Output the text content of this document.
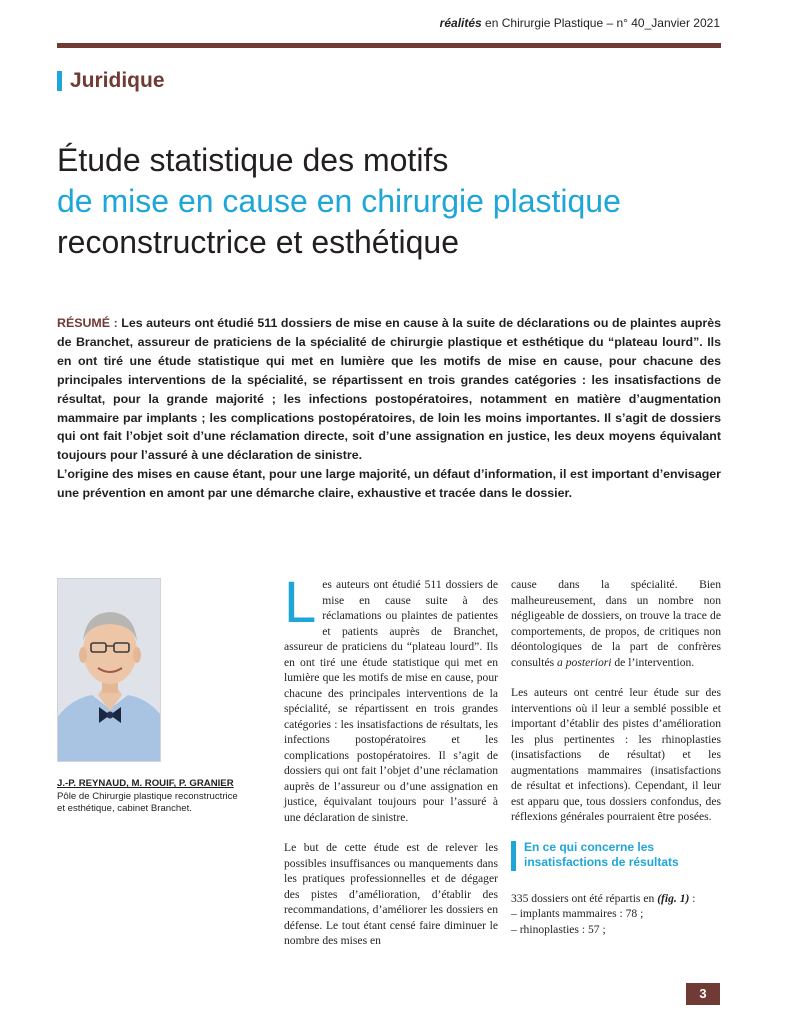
réalités en Chirurgie Plastique – n° 40_Janvier 2021
Juridique
Étude statistique des motifs
de mise en cause en chirurgie plastique
reconstructrice et esthétique

RÉSUMÉ : Les auteurs ont étudié 511 dossiers de mise en cause à la suite de déclarations ou de plaintes auprès de Branchet, assureur de praticiens de la spécialité de chirurgie plastique et esthétique du “plateau lourd”. Ils en ont tiré une étude statistique qui met en lumière que les motifs de mise en cause, pour chacune des principales interventions de la spécialité, se répartissent en trois grandes catégories : les insatisfactions de résultat, pour la grande majorité ; les infections postopératoires, notamment en matière d’augmentation mammaire par implants ; les complications postopératoires, de loin les moins importantes. Il s’agit de dossiers qui ont fait l’objet soit d’une réclamation directe, soit d’une assignation en justice, les deux moyens équivalant toujours pour l’assuré à une déclaration de sinistre.

L’origine des mises en cause étant, pour une large majorité, un défaut d’information, il est important d’envisager une prévention en amont par une démarche claire, exhaustive et tracée dans le dossier.

J.-P. REYNAUD, M. ROUIF, P. GRANIER
Pôle de Chirurgie plastique reconstructrice
et esthétique, cabinet Branchet.

Les auteurs ont étudié 511 dossiers de mise en cause suite à des réclamations ou plaintes de patientes et patients auprès de Branchet, assureur de praticiens du “plateau lourd”. Ils en ont tiré une étude statistique qui met en lumière que les motifs de mise en cause, pour chacune des principales interventions de la spécialité, se répartissent en trois grandes catégories : les insatisfactions de résultats, les infections postopératoires et les complications postopératoires. Il s’agit de dossiers qui ont fait l’objet d’une réclamation auprès de l’assureur ou d’une assignation en justice, équivalant toujours pour l’assuré à une déclaration de sinistre.

Le but de cette étude est de relever les possibles insuffisances ou manquements dans les pratiques professionnelles et de dégager des pistes d’amélioration, d’établir des recommandations, d’améliorer les dossiers en défense. Le tout étant censé faire diminuer le nombre des mises en

cause dans la spécialité. Bien malheureusement, dans un nombre non négligeable de dossiers, on trouve la trace de comportements, de propos, de critiques non déontologiques de la part de confrères consultés a posteriori de l’intervention.

Les auteurs ont centré leur étude sur des interventions où il leur a semblé possible et important d’établir des pistes d’amélioration les plus pertinentes : les rhinoplasties (insatisfactions de résultat) et les augmentations mammaires (insatisfactions de résultat et infections). Cependant, il leur est apparu que, tous dossiers confondus, des réflexions générales pourraient être posées.

En ce qui concerne les
insatisfactions de résultats
335 dossiers ont été répartis en (fig. 1) :
– implants mammaires : 78 ;
– rhinoplasties : 57 ;
3
